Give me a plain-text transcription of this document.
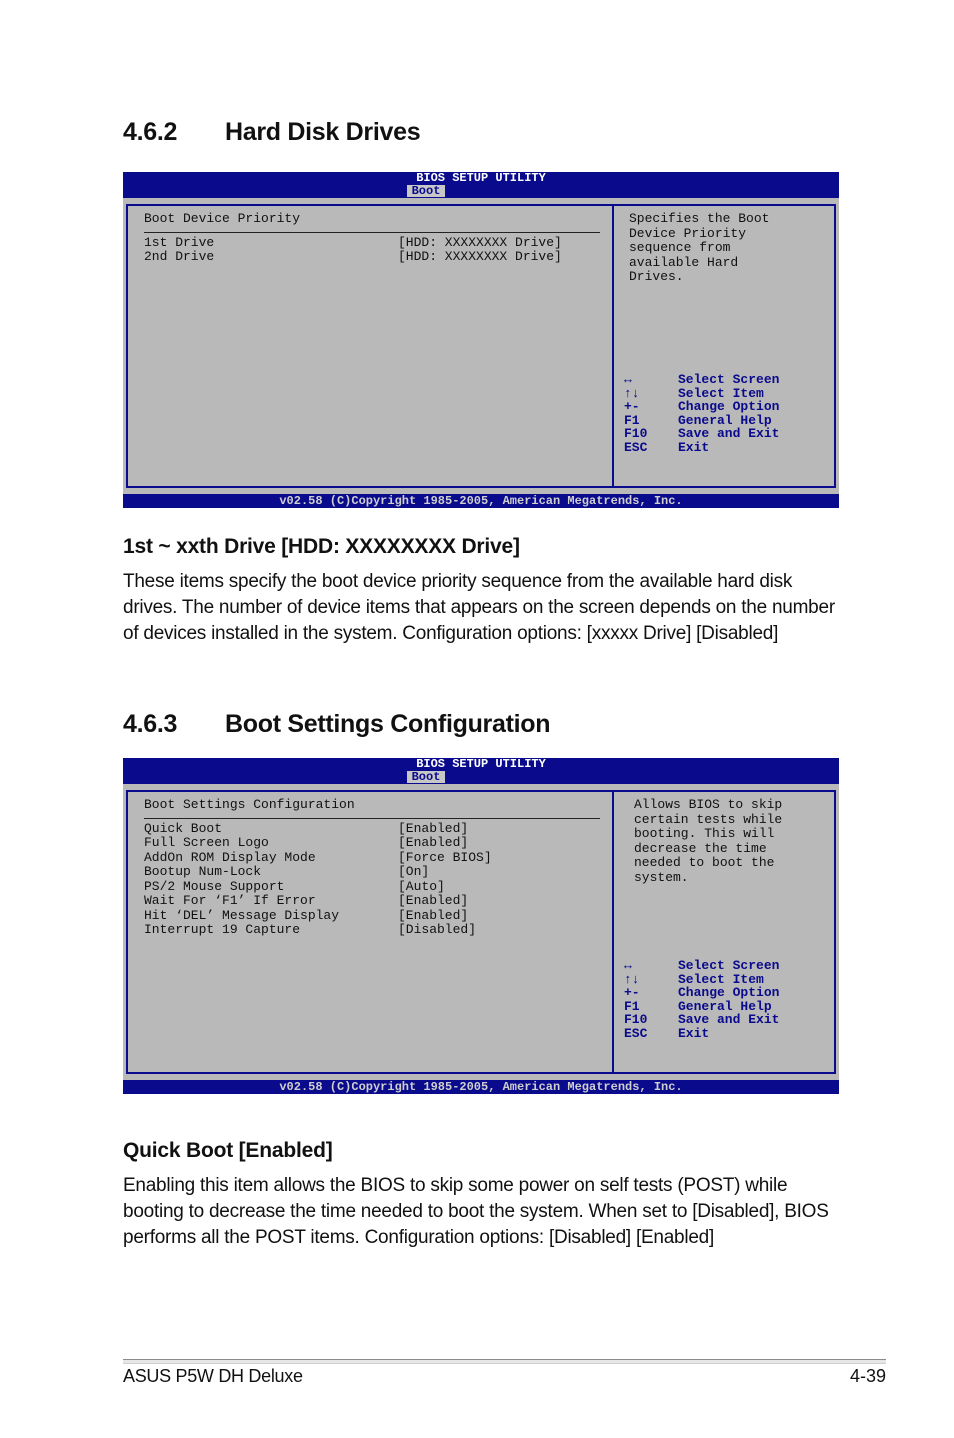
4.6.2 Hard Disk Drives
BIOS SETUP UTILITY
Boot
Boot Device Priority
1st Drive	[HDD: XXXXXXXX Drive]
2nd Drive	[HDD: XXXXXXXX Drive]
Specifies the Boot
Device Priority
sequence from
available Hard
Drives.
↔	Select Screen
↑↓	Select Item
+-	Change Option
F1	General Help
F10	Save and Exit
ESC	Exit
v02.58 (C)Copyright 1985-2005, American Megatrends, Inc.
1st ~ xxth Drive [HDD: XXXXXXXX Drive]

These items specify the boot device priority sequence from the available hard disk drives. The number of device items that appears on the screen depends on the number of devices installed in the system. Configuration options: [xxxxx Drive] [Disabled]

4.6.3 Boot Settings Configuration
BIOS SETUP UTILITY
Boot
Boot Settings Configuration
Quick Boot	[Enabled]
Full Screen Logo	[Enabled]
AddOn ROM Display Mode	[Force BIOS]
Bootup Num-Lock	[On]
PS/2 Mouse Support	[Auto]
Wait For ‘F1’ If Error	[Enabled]
Hit ‘DEL’ Message Display	[Enabled]
Interrupt 19 Capture	[Disabled]
Allows BIOS to skip
certain tests while
booting. This will
decrease the time
needed to boot the
system.
↔	Select Screen
↑↓	Select Item
+-	Change Option
F1	General Help
F10	Save and Exit
ESC	Exit
v02.58 (C)Copyright 1985-2005, American Megatrends, Inc.
Quick Boot [Enabled]

Enabling this item allows the BIOS to skip some power on self tests (POST) while booting to decrease the time needed to boot the system. When set to [Disabled], BIOS performs all the POST items. Configuration options: [Disabled] [Enabled]

ASUS P5W DH Deluxe	4-39
